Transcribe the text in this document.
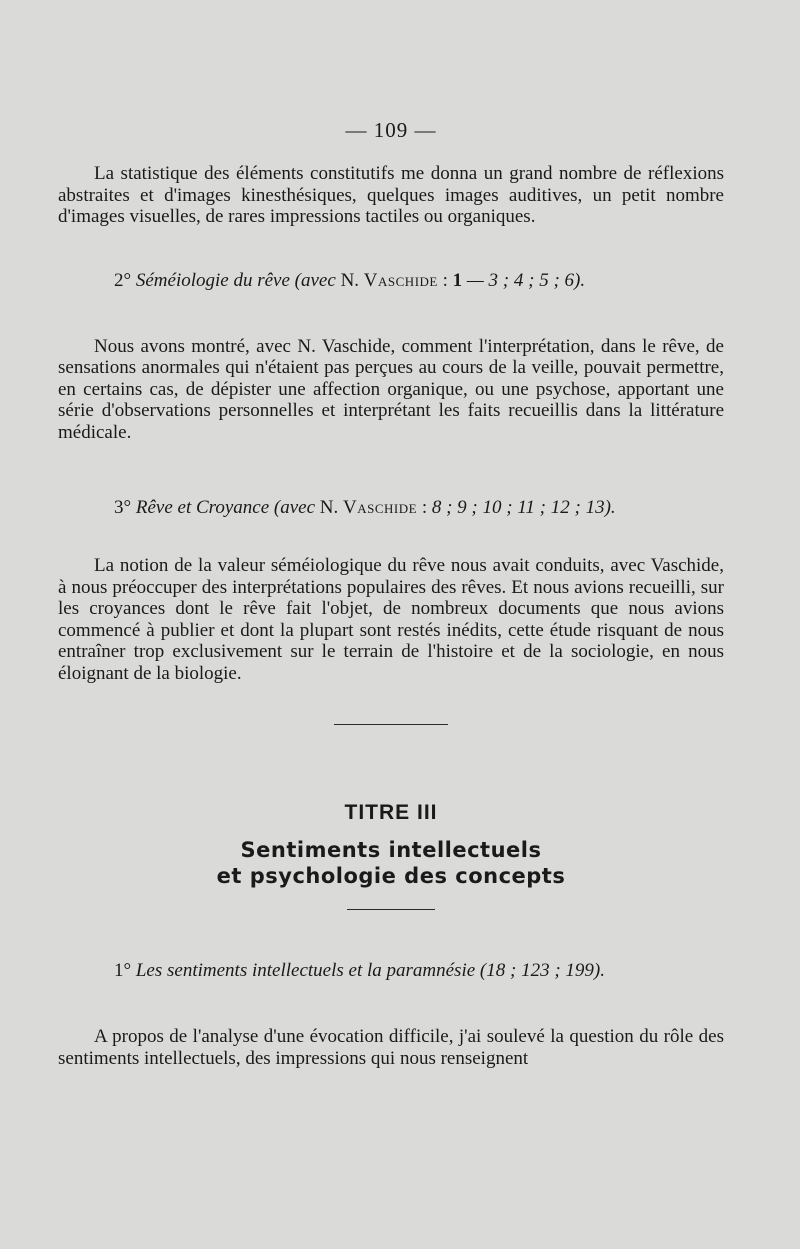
— 109 —

La statistique des éléments constitutifs me donna un grand nombre de réflexions abstraites et d'images kinesthésiques, quelques images auditives, un petit nombre d'images visuelles, de rares impressions tactiles ou organiques.

2° Séméiologie du rêve (avec N. Vaschide : 1 — 3 ; 4 ; 5 ; 6).

Nous avons montré, avec N. Vaschide, comment l'interprétation, dans le rêve, de sensations anormales qui n'étaient pas perçues au cours de la veille, pouvait permettre, en certains cas, de dépister une affection organique, ou une psychose, apportant une série d'observations personnelles et interprétant les faits recueillis dans la littérature médicale.

3° Rêve et Croyance (avec N. Vaschide : 8 ; 9 ; 10 ; 11 ; 12 ; 13).

La notion de la valeur séméiologique du rêve nous avait conduits, avec Vaschide, à nous préoccuper des interprétations populaires des rêves. Et nous avions recueilli, sur les croyances dont le rêve fait l'objet, de nombreux documents que nous avions commencé à publier et dont la plupart sont restés inédits, cette étude risquant de nous entraîner trop exclusivement sur le terrain de l'histoire et de la sociologie, en nous éloignant de la biologie.

TITRE III
Sentiments intellectuels
et psychologie des concepts
1° Les sentiments intellectuels et la paramnésie (18 ; 123 ; 199).

A propos de l'analyse d'une évocation difficile, j'ai soulevé la question du rôle des sentiments intellectuels, des impressions qui nous renseignent
